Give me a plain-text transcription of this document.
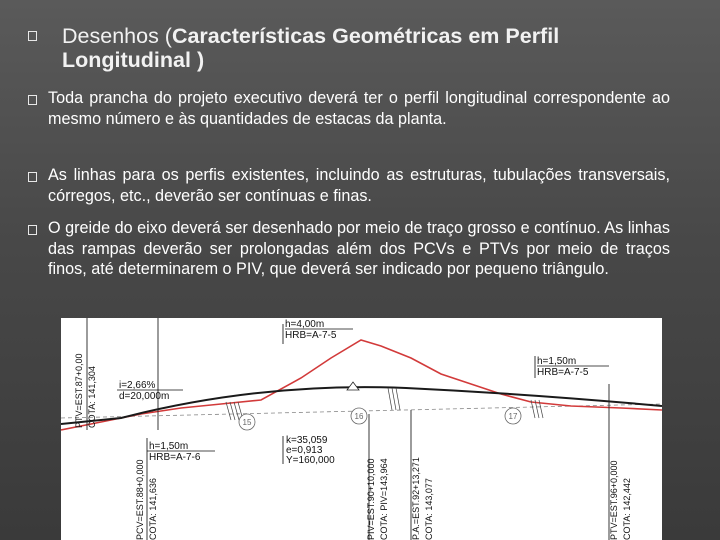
Desenhos (Características Geométricas em Perfil
Longitudinal )
Toda prancha do projeto executivo deverá ter o perfil longitudinal correspondente ao mesmo número e às quantidades de estacas da planta.
As linhas para os perfis existentes, incluindo as estruturas, tubulações transversais, córregos, etc., deverão ser contínuas e finas.
O greide do eixo deverá ser desenhado por meio de traço grosso e contínuo. As linhas das rampas deverão ser prolongadas além dos PCVs e PTVs por meio de traços finos, até determinarem o PIV, que deverá ser indicado por pequeno triângulo.
h=4,00m
HRB=A-7-5
h=1,50m
HRB=A-7-5
i=2,66%
d=20,000m
h=1,50m
HRB=A-7-6
k=35,059
e=0,913
Y=160,000
15
16	17
PTV=EST.87+0,00 COTA: 141,304
PCV=EST.88+0,000 COTA: 141,636	PIV=EST.90+10,000 COTA: PIV=143,964 P.A.=EST.92+13,271 COTA: 143,077	PTV=EST.96+0,000 COTA: 142,442
